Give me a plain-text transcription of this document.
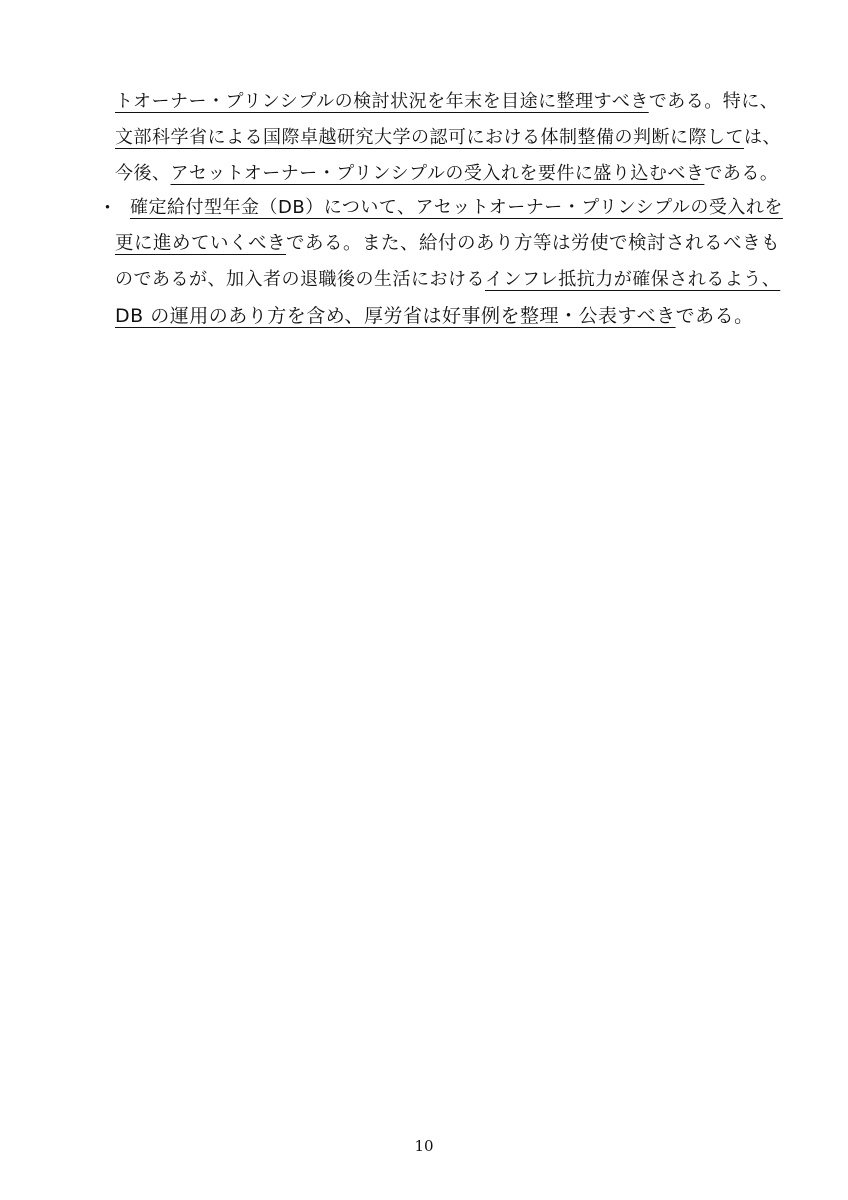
トオーナー・プリンシプルの検討状況を年末を目途に整理すべきである。特に、
文部科学省による国際卓越研究大学の認可における体制整備の判断に際しては、
今後、アセットオーナー・プリンシプルの受入れを要件に盛り込むべきである。
・ 確定給付型年金（DB）について、アセットオーナー・プリンシプルの受入れを
更に進めていくべきである。また、給付のあり方等は労使で検討されるべきも
のであるが、加入者の退職後の生活におけるインフレ抵抗力が確保されるよう、
DB の運用のあり方を含め、厚労省は好事例を整理・公表すべきである。
10
